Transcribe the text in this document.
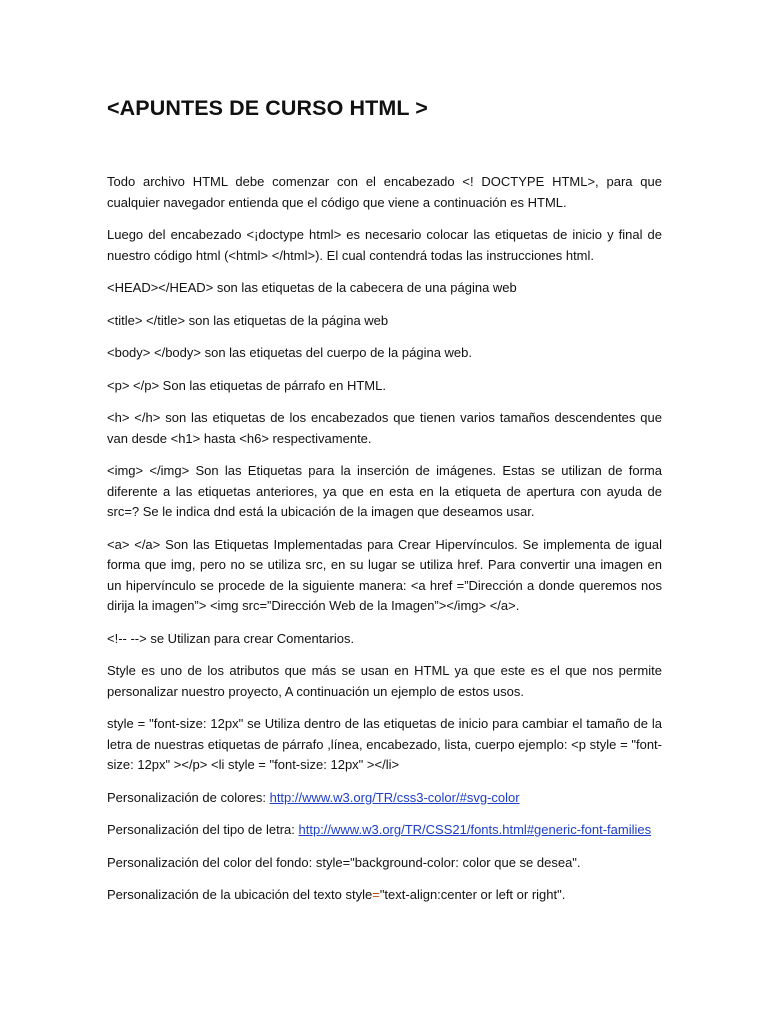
<APUNTES DE CURSO HTML >

Todo archivo HTML debe comenzar con el encabezado <! DOCTYPE HTML>, para que cualquier navegador entienda que el código que viene a continuación es HTML.

Luego del encabezado <¡doctype html> es necesario colocar las etiquetas de inicio y final de nuestro código html (<html> </html>). El cual contendrá todas las instrucciones html.

<HEAD></HEAD> son las etiquetas de la cabecera de una página web

<title> </title> son las etiquetas de la página web

<body> </body> son las etiquetas del cuerpo de la página web.

<p> </p> Son las etiquetas de párrafo en HTML.

<h> </h> son las etiquetas de los encabezados que tienen varios tamaños descendentes que van desde <h1> hasta <h6> respectivamente.

<img> </img> Son las Etiquetas para la inserción de imágenes. Estas se utilizan de forma diferente a las etiquetas anteriores, ya que en esta en la etiqueta de apertura con ayuda de src=? Se le indica dnd está la ubicación de la imagen que deseamos usar.

<a> </a> Son las Etiquetas Implementadas para Crear Hipervínculos. Se implementa de igual forma que img, pero no se utiliza src, en su lugar se utiliza href. Para convertir una imagen en un hipervínculo se procede de la siguiente manera: <a href =”Dirección a donde queremos nos dirija la imagen”> <img src=”Dirección Web de la Imagen”></img> </a>.

<!-- --> se Utilizan para crear Comentarios.

Style es uno de los atributos que más se usan en HTML ya que este es el que nos permite personalizar nuestro proyecto, A continuación un ejemplo de estos usos.

style = "font-size: 12px" se Utiliza dentro de las etiquetas de inicio para cambiar el tamaño de la letra de nuestras etiquetas de párrafo ,línea, encabezado, lista, cuerpo ejemplo: <p style = "font-size: 12px" ></p> <li style = "font-size: 12px" ></li>

Personalización de colores: http://www.w3.org/TR/css3-color/#svg-color

Personalización del tipo de letra: http://www.w3.org/TR/CSS21/fonts.html#generic-font-families

Personalización del color del fondo: style="background-color: color que se desea".

Personalización de la ubicación del texto style="text-align:center or left or right".
